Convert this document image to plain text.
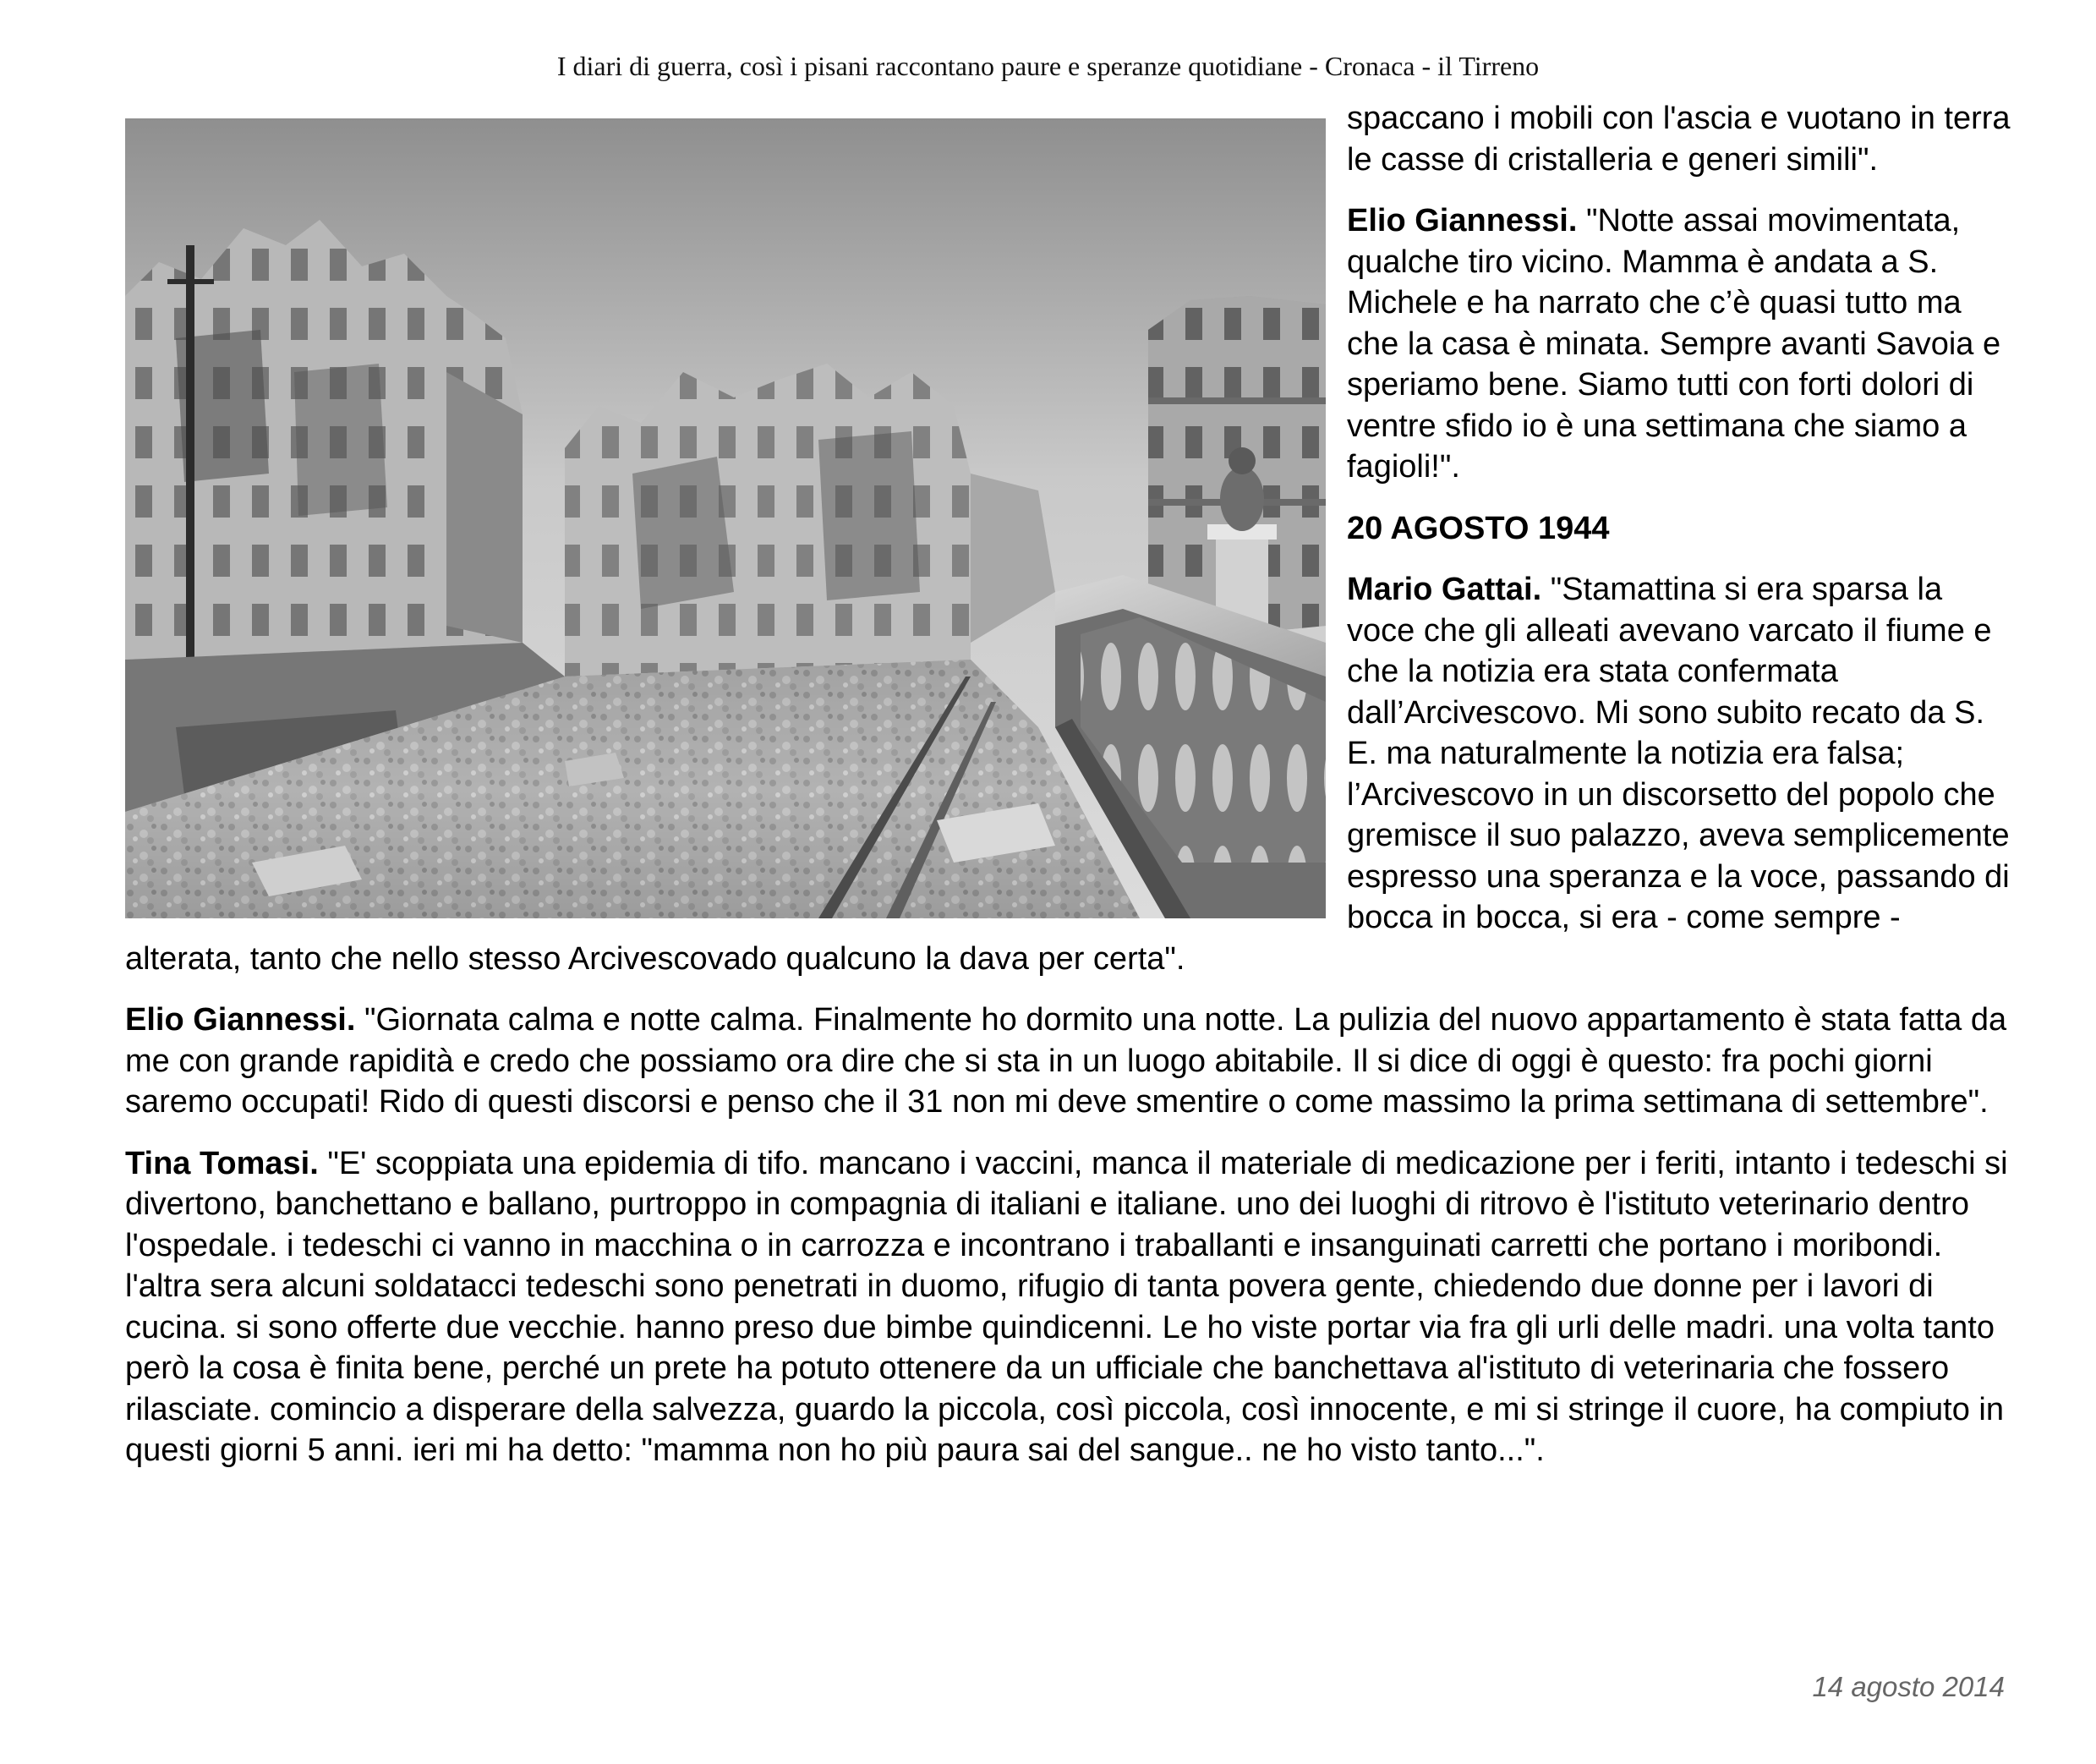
I diari di guerra, così i pisani raccontano paure e speranze quotidiane - Cronaca - il Tirreno

spaccano i mobili con l'ascia e vuotano in terra le casse di cristalleria e generi simili".

Elio Giannessi. "Notte assai movimentata, qualche tiro vicino. Mamma è andata a S. Michele e ha narrato che c’è quasi tutto ma che la casa è minata. Sempre avanti Savoia e speriamo bene. Siamo tutti con forti dolori di ventre sfido io è una settimana che siamo a fagioli!".

20 AGOSTO 1944

Mario Gattai. "Stamattina si era sparsa la voce che gli alleati avevano varcato il fiume e che la notizia era stata confermata dall’Arcivescovo. Mi sono subito recato da S. E. ma naturalmente la notizia era falsa; l’Arcivescovo in un discorsetto del popolo che gremisce il suo palazzo, aveva semplicemente espresso una speranza e la voce, passando di bocca in bocca, si era - come sempre - alterata, tanto che nello stesso Arcivescovado qualcuno la dava per certa".

Elio Giannessi. "Giornata calma e notte calma. Finalmente ho dormito una notte. La pulizia del nuovo appartamento è stata fatta da me con grande rapidità e credo che possiamo ora dire che si sta in un luogo abitabile. Il si dice di oggi è questo: fra pochi giorni saremo occupati! Rido di questi discorsi e penso che il 31 non mi deve smentire o come massimo la prima settimana di settembre".

Tina Tomasi. "E' scoppiata una epidemia di tifo. mancano i vaccini, manca il materiale di medicazione per i feriti, intanto i tedeschi si divertono, banchettano e ballano, purtroppo in compagnia di italiani e italiane. uno dei luoghi di ritrovo è l'istituto veterinario dentro l'ospedale. i tedeschi ci vanno in macchina o in carrozza e incontrano i traballanti e insanguinati carretti che portano i moribondi. l'altra sera alcuni soldatacci tedeschi sono penetrati in duomo, rifugio di tanta povera gente, chiedendo due donne per i lavori di cucina. si sono offerte due vecchie. hanno preso due bimbe quindicenni. Le ho viste portar via fra gli urli delle madri. una volta tanto però la cosa è finita bene, perché un prete ha potuto ottenere da un ufficiale che banchettava al'istituto di veterinaria che fossero rilasciate. comincio a disperare della salvezza, guardo la piccola, così piccola, così innocente, e mi si stringe il cuore, ha compiuto in questi giorni 5 anni. ieri mi ha detto: "mamma non ho più paura sai del sangue.. ne ho visto tanto...".

14 agosto 2014
